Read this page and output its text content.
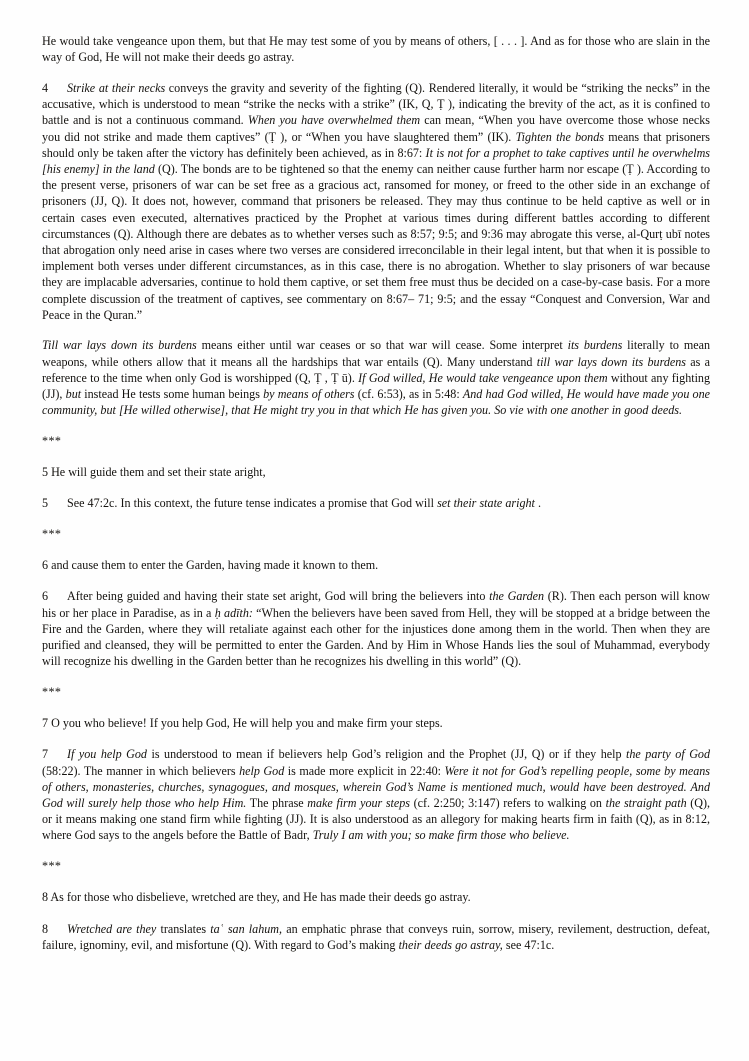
He would take vengeance upon them, but that He may test some of you by means of others, [ . . . ]. And as for those who are slain in the way of God, He will not make their deeds go astray.

4 Strike at their necks conveys the gravity and severity of the fighting (Q). Rendered literally, it would be “striking the necks” in the accusative, which is understood to mean “strike the necks with a strike” (IK, Q, Ṭ ), indicating the brevity of the act, as it is confined to battle and is not a continuous command. When you have overwhelmed them can mean, “When you have overcome those whose necks you did not strike and made them captives” (Ṭ ), or “When you have slaughtered them” (IK). Tighten the bonds means that prisoners should only be taken after the victory has definitely been achieved, as in 8:67: It is not for a prophet to take captives until he overwhelms [his enemy] in the land (Q). The bonds are to be tightened so that the enemy can neither cause further harm nor escape (Ṭ ). According to the present verse, prisoners of war can be set free as a gracious act, ransomed for money, or freed to the other side in an exchange of prisoners (JJ, Q). It does not, however, command that prisoners be released. They may thus continue to be held captive as well or in certain cases even executed, alternatives practiced by the Prophet at various times during different battles according to different circumstances (Q). Although there are debates as to whether verses such as 8:57; 9:5; and 9:36 may abrogate this verse, al-Qurṭ ubī notes that abrogation only need arise in cases where two verses are considered irreconcilable in their legal intent, but that when it is possible to implement both verses under different circumstances, as in this case, there is no abrogation. Whether to slay prisoners of war because they are implacable adversaries, continue to hold them captive, or set them free must thus be decided on a case-by-case basis. For a more complete discussion of the treatment of captives, see commentary on 8:67– 71; 9:5; and the essay “Conquest and Conversion, War and Peace in the Quran.”

Till war lays down its burdens means either until war ceases or so that war will cease. Some interpret its burdens literally to mean weapons, while others allow that it means all the hardships that war entails (Q). Many understand till war lays down its burdens as a reference to the time when only God is worshipped (Q, Ṭ , Ṭ ū). If God willed, He would take vengeance upon them without any fighting (JJ), but instead He tests some human beings by means of others (cf. 6:53), as in 5:48: And had God willed, He would have made you one community, but [He willed otherwise], that He might try you in that which He has given you. So vie with one another in good deeds.

***

5 He will guide them and set their state aright,

5 See 47:2c. In this context, the future tense indicates a promise that God will set their state aright .

***

6 and cause them to enter the Garden, having made it known to them.

6 After being guided and having their state set aright, God will bring the believers into the Garden (R). Then each person will know his or her place in Paradise, as in a ḥ adīth: “When the believers have been saved from Hell, they will be stopped at a bridge between the Fire and the Garden, where they will retaliate against each other for the injustices done among them in the world. Then when they are purified and cleansed, they will be permitted to enter the Garden. And by Him in Whose Hands lies the soul of Muhammad, everybody will recognize his dwelling in the Garden better than he recognizes his dwelling in this world” (Q).

***

7 O you who believe! If you help God, He will help you and make firm your steps.

7 If you help God is understood to mean if believers help God’s religion and the Prophet (JJ, Q) or if they help the party of God (58:22). The manner in which believers help God is made more explicit in 22:40: Were it not for God’s repelling people, some by means of others, monasteries, churches, synagogues, and mosques, wherein God’s Name is mentioned much, would have been destroyed. And God will surely help those who help Him. The phrase make firm your steps (cf. 2:250; 3:147) refers to walking on the straight path (Q), or it means making one stand firm while fighting (JJ). It is also understood as an allegory for making hearts firm in faith (Q), as in 8:12, where God says to the angels before the Battle of Badr, Truly I am with you; so make firm those who believe.

***

8 As for those who disbelieve, wretched are they, and He has made their deeds go astray.

8 Wretched are they translates taʿ san lahum, an emphatic phrase that conveys ruin, sorrow, misery, revilement, destruction, defeat, failure, ignominy, evil, and misfortune (Q). With regard to God’s making their deeds go astray, see 47:1c.
